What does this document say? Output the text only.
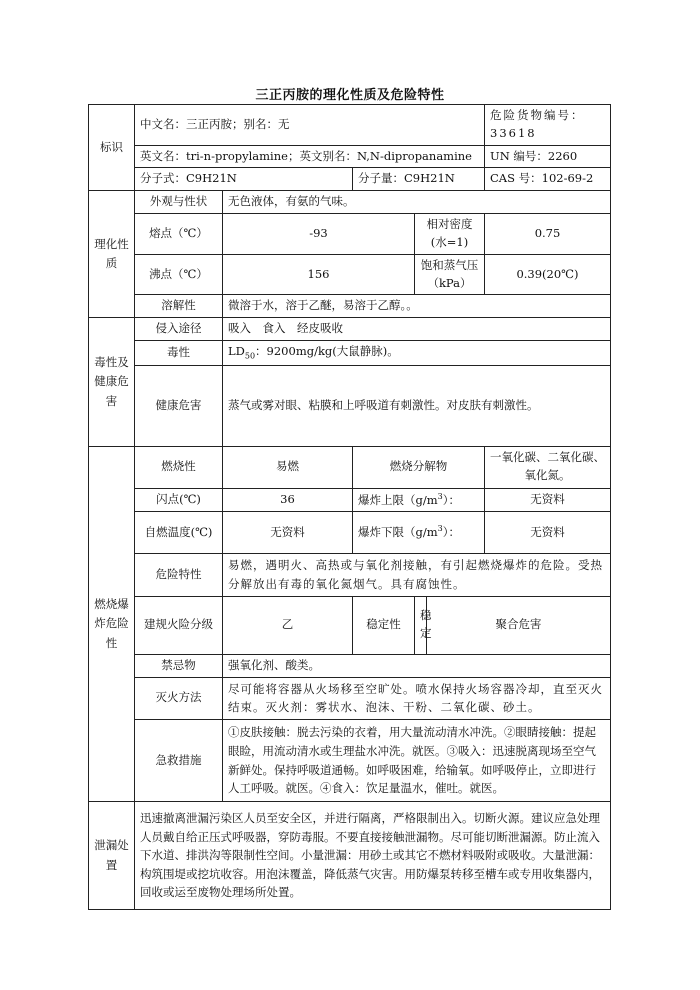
三正丙胺的理化性质及危险特性
标识	中文名：三正丙胺；别名：无					危险货物编号：33618	
	英文名：tri-n-propylamine；英文别名：N,N-dipropanamine					UN 编号：2260	
	分子式：C9H21N		分子量：C9H21N			CAS 号：102-69-2	
理化性质	外观与性状	无色液体，有氨的气味。					
	熔点（℃）	-93		相对密度(水=1)		0.75	
	沸点（℃）	156		饱和蒸气压（kPa）		0.39(20℃)	
	溶解性	微溶于水，溶于乙醚，易溶于乙醇。。					
毒性及健康危害	侵入途径	吸入　食入　经皮吸收					
	毒性	$LD_{50}$：9200mg/kg(大鼠静脉)。					
	健康危害	蒸气或雾对眼、粘膜和上呼吸道有刺激性。对皮肤有刺激性。					
燃烧爆炸危险性	燃烧性	易燃	燃烧分解物			一氧化碳、二氧化碳、氧化氮。	
	闪点(℃)	36	爆炸上限$(g/m^3)$：			无资料	
	自燃温度(℃)	无资料	爆炸下限$(g/m^3)$：			无资料	
	危险特性	易燃，遇明火、高热或与氧化剂接触，有引起燃烧爆炸的危险。受热分解放出有毒的氧化氮烟气。具有腐蚀性。					
	建规火险分级	乙	稳定性	稳定	聚合危害	
	禁忌物	强氧化剂、酸类。					
	灭火方法	尽可能将容器从火场移至空旷处。喷水保持火场容器冷却，直至灭火结束。灭火剂：雾状水、泡沫、干粉、二氧化碳、砂土。					
	急救措施	①皮肤接触：脱去污染的衣着，用大量流动清水冲洗。②眼睛接触：提起眼睑，用流动清水或生理盐水冲洗。就医。③吸入：迅速脱离现场至空气新鲜处。保持呼吸道通畅。如呼吸困难，给输氧。如呼吸停止，立即进行人工呼吸。就医。④食入：饮足量温水，催吐。就医。					
泄漏处置	迅速撤离泄漏污染区人员至安全区，并进行隔离，严格限制出入。切断火源。建议应急处理人员戴自给正压式呼吸器，穿防毒服。不要直接接触泄漏物。尽可能切断泄漏源。防止流入下水道、排洪沟等限制性空间。小量泄漏：用砂土或其它不燃材料吸附或吸收。大量泄漏：构筑围堤或挖坑收容。用泡沫覆盖，降低蒸气灾害。用防爆泵转移至槽车或专用收集器内，回收或运至废物处理场所处置。						
